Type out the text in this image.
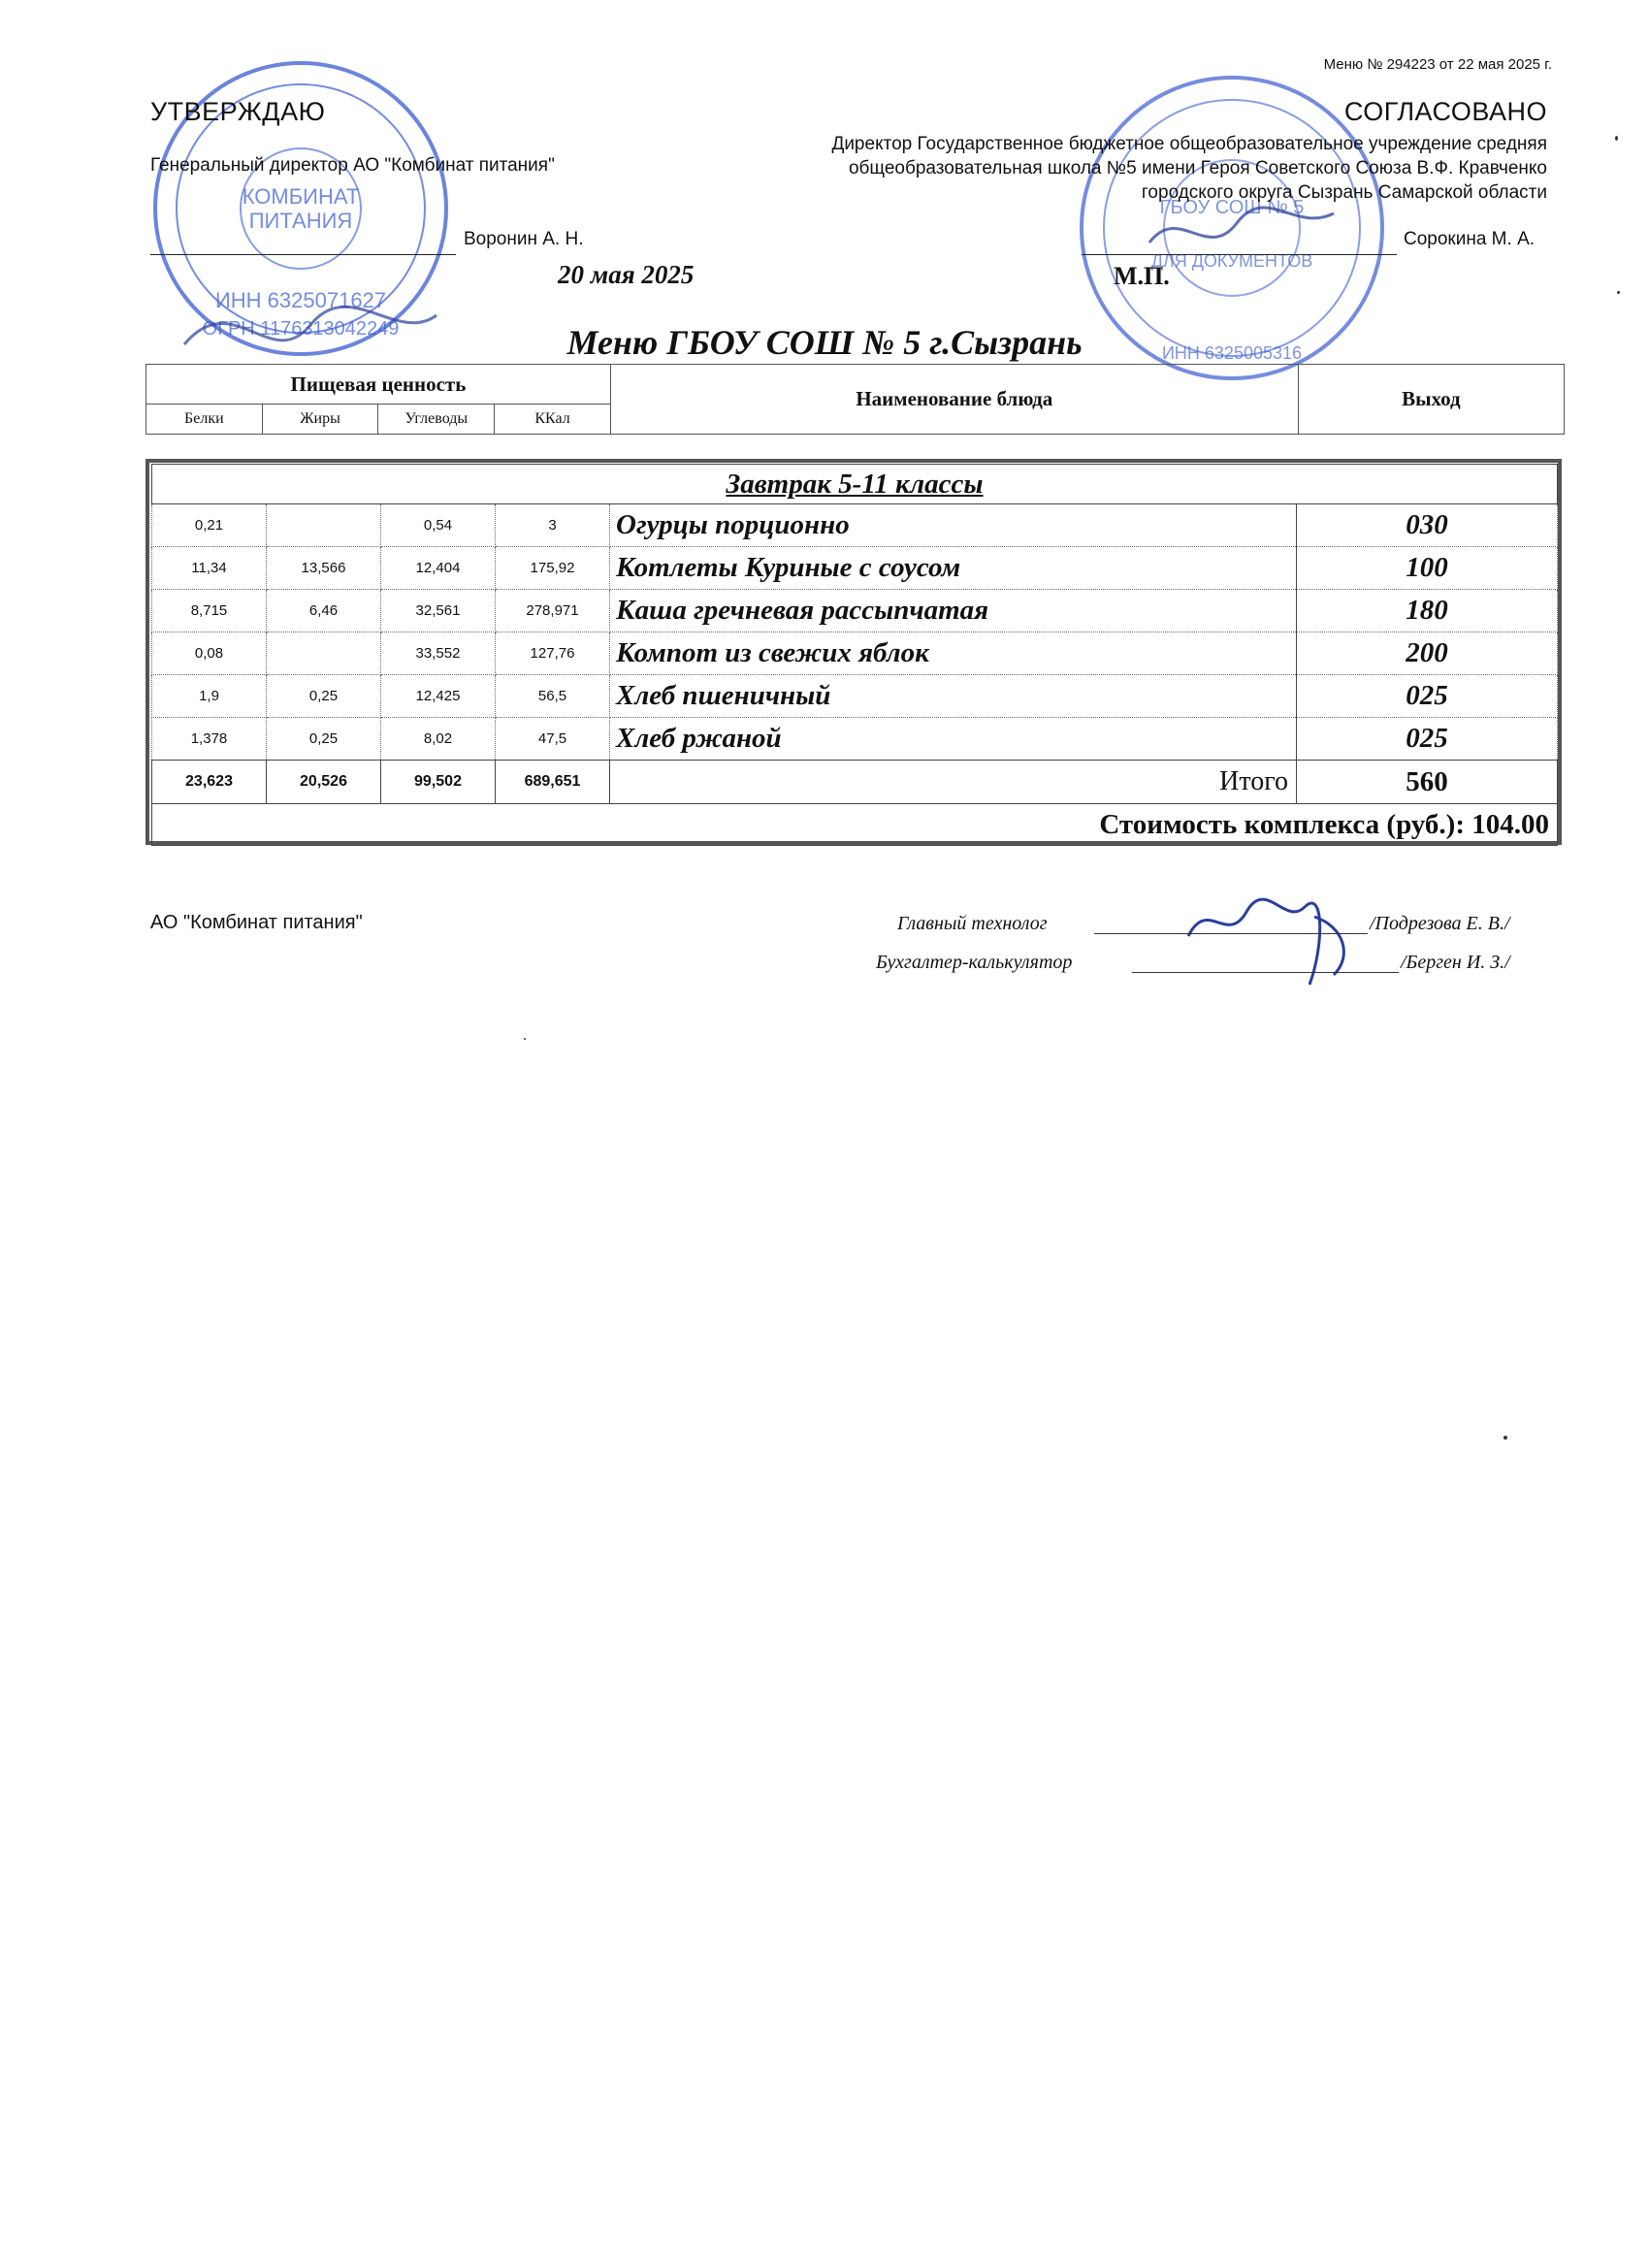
КОМБИНАТ
ПИТАНИЯ
ИНН 6325071627
ОГРН 1176313042249
ГБОУ СОШ № 5
ДЛЯ ДОКУМЕНТОВ
ИНН 6325005316
Меню № 294223 от 22 мая 2025 г.
УТВЕРЖДАЮ
Генеральный директор АО "Комбинат питания"
Воронин А. Н.
20 мая 2025
СОГЛАСОВАНО
Директор Государственное бюджетное общеобразовательное учреждение средняя
общеобразовательная школа №5 имени Героя Советского Союза В.Ф. Кравченко
городского округа Сызрань Самарской области
Сорокина М. А.
М.П.
Меню ГБОУ СОШ № 5 г.Сызрань
Пищевая ценность				Наименование блюда	Выход
Белки	Жиры	Углеводы	ККал		
Завтрак 5-11 классы					
0,21		0,54	3	Огурцы порционно	030
11,34	13,566	12,404	175,92	Котлеты Куриные с соусом	100
8,715	6,46	32,561	278,971	Каша гречневая рассыпчатая	180
0,08		33,552	127,76	Компот из свежих яблок	200
1,9	0,25	12,425	56,5	Хлеб пшеничный	025
1,378	0,25	8,02	47,5	Хлеб ржаной	025
23,623	20,526	99,502	689,651	Итого	560
Стоимость комплекса (руб.): 104.00					
АО "Комбинат питания"	Главный технолог	/Подрезова Е. В./
Бухгалтер-калькулятор	/Берген И. З./
